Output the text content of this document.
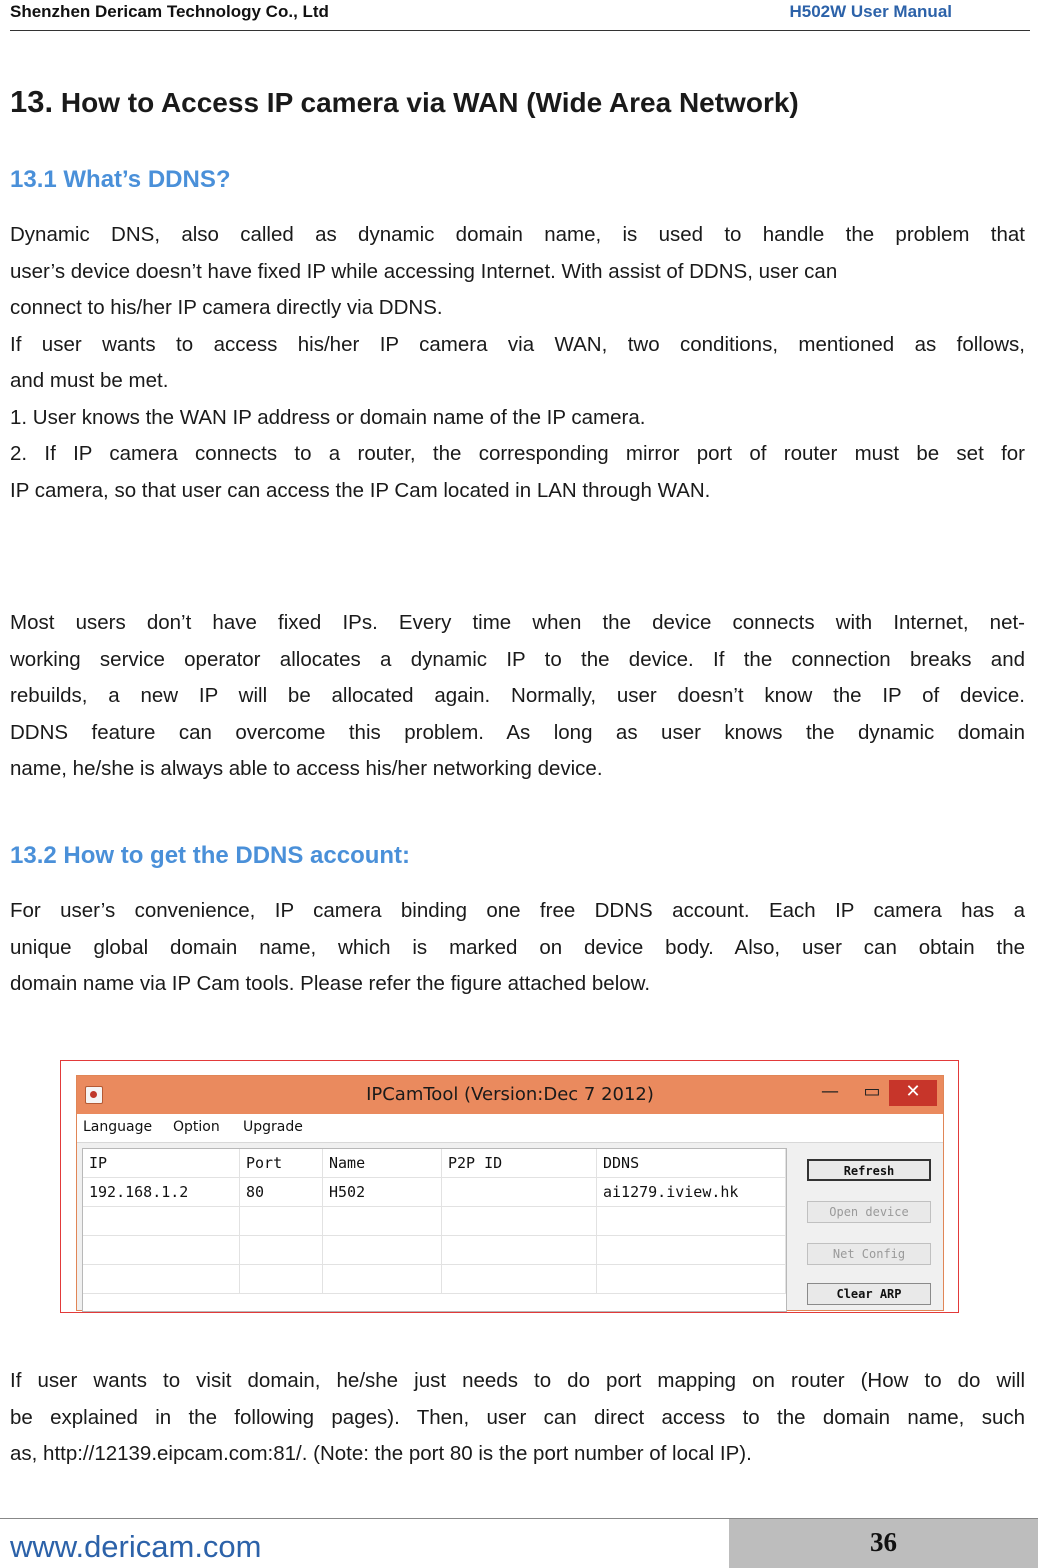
Shenzhen Dericam Technology Co., Ltd	H502W User Manual
13. How to Access IP camera via WAN (Wide Area Network)
13.1 What’s DDNS?
Dynamic DNS, also called as dynamic domain name, is used to handle the problem that
user’s device doesn’t have fixed IP while accessing Internet. With assist of DDNS, user can
connect to his/her IP camera directly via DDNS.
If user wants to access his/her IP camera via WAN, two conditions, mentioned as follows,
and must be met.
1. User knows the WAN IP address or domain name of the IP camera.
2. If IP camera connects to a router, the corresponding mirror port of router must be set for
IP camera, so that user can access the IP Cam located in LAN through WAN.
Most users don’t have fixed IPs. Every time when the device connects with Internet, net-
working service operator allocates a dynamic IP to the device. If the connection breaks and
rebuilds, a new IP will be allocated again. Normally, user doesn’t know the IP of device.
DDNS feature can overcome this problem. As long as user knows the dynamic domain
name, he/she is always able to access his/her networking device.
13.2 How to get the DDNS account:
For user’s convenience, IP camera binding one free DDNS account. Each IP camera has a
unique global domain name, which is marked on device body. Also, user can obtain the
domain name via IP Cam tools. Please refer the figure attached below.
IPCamTool (Version:Dec 7 2012)	— ▭	✕
Language Option Upgrade
IP	Port	Name	P2P ID	DDNS
192.168.1.2	80	H502		ai1279.iview.hk

Refresh
Open device
Net Config
Clear ARP
If user wants to visit domain, he/she just needs to do port mapping on router (How to do will
be explained in the following pages). Then, user can direct access to the domain name, such
as, http://12139.eipcam.com:81/. (Note: the port 80 is the port number of local IP).
www.dericam.com	36
